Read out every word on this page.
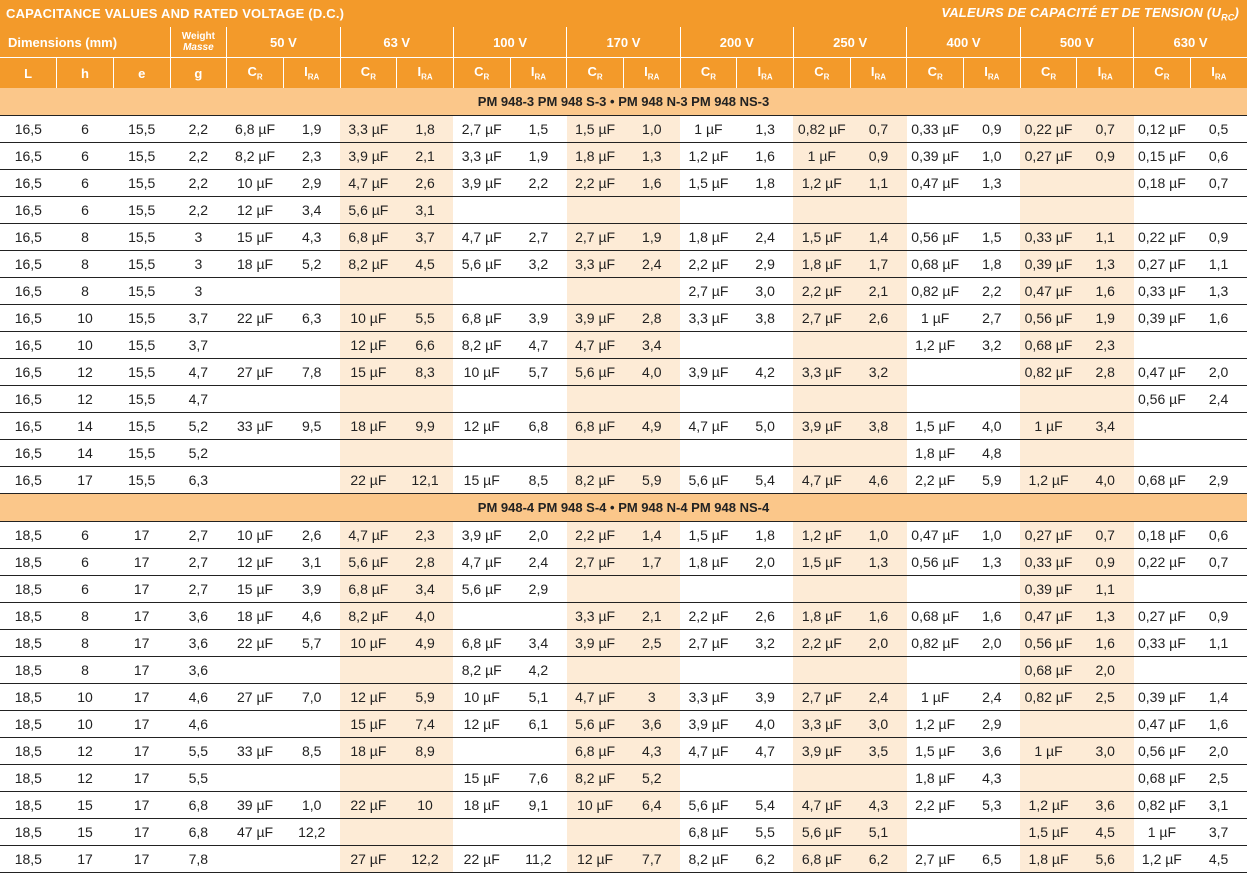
CAPACITANCE VALUES AND RATED VOLTAGE (D.C.)	VALEURS DE CAPACITÉ ET DE TENSION $(U_{RC})$
Dimensions (mm)			Weight
Masse	50 V		63 V		100 V		170 V		200 V		250 V		400 V		500 V		630 V	
L	h	e	g	$C_R$	$I_{RA}$	$C_R$	$I_{RA}$	$C_R$	$I_{RA}$	$C_R$	$I_{RA}$	$C_R$	$I_{RA}$	$C_R$	$I_{RA}$	$C_R$	$I_{RA}$	$C_R$	$I_{RA}$	$C_R$	$I_{RA}$
PM 948-3 PM 948 S-3 • PM 948 N-3 PM 948 NS-3																					
16,5	6	15,5	2,2	6,8 µF	1,9	3,3 µF	1,8	2,7 µF	1,5	1,5 µF	1,0	1 µF	1,3	0,82 µF	0,7	0,33 µF	0,9	0,22 µF	0,7	0,12 µF	0,5
16,5	6	15,5	2,2	8,2 µF	2,3	3,9 µF	2,1	3,3 µF	1,9	1,8 µF	1,3	1,2 µF	1,6	1 µF	0,9	0,39 µF	1,0	0,27 µF	0,9	0,15 µF	0,6
16,5	6	15,5	2,2	10 µF	2,9	4,7 µF	2,6	3,9 µF	2,2	2,2 µF	1,6	1,5 µF	1,8	1,2 µF	1,1	0,47 µF	1,3			0,18 µF	0,7
16,5	6	15,5	2,2	12 µF	3,4	5,6 µF	3,1														
16,5	8	15,5	3	15 µF	4,3	6,8 µF	3,7	4,7 µF	2,7	2,7 µF	1,9	1,8 µF	2,4	1,5 µF	1,4	0,56 µF	1,5	0,33 µF	1,1	0,22 µF	0,9
16,5	8	15,5	3	18 µF	5,2	8,2 µF	4,5	5,6 µF	3,2	3,3 µF	2,4	2,2 µF	2,9	1,8 µF	1,7	0,68 µF	1,8	0,39 µF	1,3	0,27 µF	1,1
16,5	8	15,5	3									2,7 µF	3,0	2,2 µF	2,1	0,82 µF	2,2	0,47 µF	1,6	0,33 µF	1,3
16,5	10	15,5	3,7	22 µF	6,3	10 µF	5,5	6,8 µF	3,9	3,9 µF	2,8	3,3 µF	3,8	2,7 µF	2,6	1 µF	2,7	0,56 µF	1,9	0,39 µF	1,6
16,5	10	15,5	3,7			12 µF	6,6	8,2 µF	4,7	4,7 µF	3,4					1,2 µF	3,2	0,68 µF	2,3		
16,5	12	15,5	4,7	27 µF	7,8	15 µF	8,3	10 µF	5,7	5,6 µF	4,0	3,9 µF	4,2	3,3 µF	3,2			0,82 µF	2,8	0,47 µF	2,0
16,5	12	15,5	4,7																	0,56 µF	2,4
16,5	14	15,5	5,2	33 µF	9,5	18 µF	9,9	12 µF	6,8	6,8 µF	4,9	4,7 µF	5,0	3,9 µF	3,8	1,5 µF	4,0	1 µF	3,4		
16,5	14	15,5	5,2													1,8 µF	4,8				
16,5	17	15,5	6,3			22 µF	12,1	15 µF	8,5	8,2 µF	5,9	5,6 µF	5,4	4,7 µF	4,6	2,2 µF	5,9	1,2 µF	4,0	0,68 µF	2,9
PM 948-4 PM 948 S-4 • PM 948 N-4 PM 948 NS-4																					
18,5	6	17	2,7	10 µF	2,6	4,7 µF	2,3	3,9 µF	2,0	2,2 µF	1,4	1,5 µF	1,8	1,2 µF	1,0	0,47 µF	1,0	0,27 µF	0,7	0,18 µF	0,6
18,5	6	17	2,7	12 µF	3,1	5,6 µF	2,8	4,7 µF	2,4	2,7 µF	1,7	1,8 µF	2,0	1,5 µF	1,3	0,56 µF	1,3	0,33 µF	0,9	0,22 µF	0,7
18,5	6	17	2,7	15 µF	3,9	6,8 µF	3,4	5,6 µF	2,9									0,39 µF	1,1		
18,5	8	17	3,6	18 µF	4,6	8,2 µF	4,0			3,3 µF	2,1	2,2 µF	2,6	1,8 µF	1,6	0,68 µF	1,6	0,47 µF	1,3	0,27 µF	0,9
18,5	8	17	3,6	22 µF	5,7	10 µF	4,9	6,8 µF	3,4	3,9 µF	2,5	2,7 µF	3,2	2,2 µF	2,0	0,82 µF	2,0	0,56 µF	1,6	0,33 µF	1,1
18,5	8	17	3,6					8,2 µF	4,2									0,68 µF	2,0		
18,5	10	17	4,6	27 µF	7,0	12 µF	5,9	10 µF	5,1	4,7 µF	3	3,3 µF	3,9	2,7 µF	2,4	1 µF	2,4	0,82 µF	2,5	0,39 µF	1,4
18,5	10	17	4,6			15 µF	7,4	12 µF	6,1	5,6 µF	3,6	3,9 µF	4,0	3,3 µF	3,0	1,2 µF	2,9			0,47 µF	1,6
18,5	12	17	5,5	33 µF	8,5	18 µF	8,9			6,8 µF	4,3	4,7 µF	4,7	3,9 µF	3,5	1,5 µF	3,6	1 µF	3,0	0,56 µF	2,0
18,5	12	17	5,5					15 µF	7,6	8,2 µF	5,2					1,8 µF	4,3			0,68 µF	2,5
18,5	15	17	6,8	39 µF	1,0	22 µF	10	18 µF	9,1	10 µF	6,4	5,6 µF	5,4	4,7 µF	4,3	2,2 µF	5,3	1,2 µF	3,6	0,82 µF	3,1
18,5	15	17	6,8	47 µF	12,2							6,8 µF	5,5	5,6 µF	5,1			1,5 µF	4,5	1 µF	3,7
18,5	17	17	7,8			27 µF	12,2	22 µF	11,2	12 µF	7,7	8,2 µF	6,2	6,8 µF	6,2	2,7 µF	6,5	1,8 µF	5,6	1,2 µF	4,5
